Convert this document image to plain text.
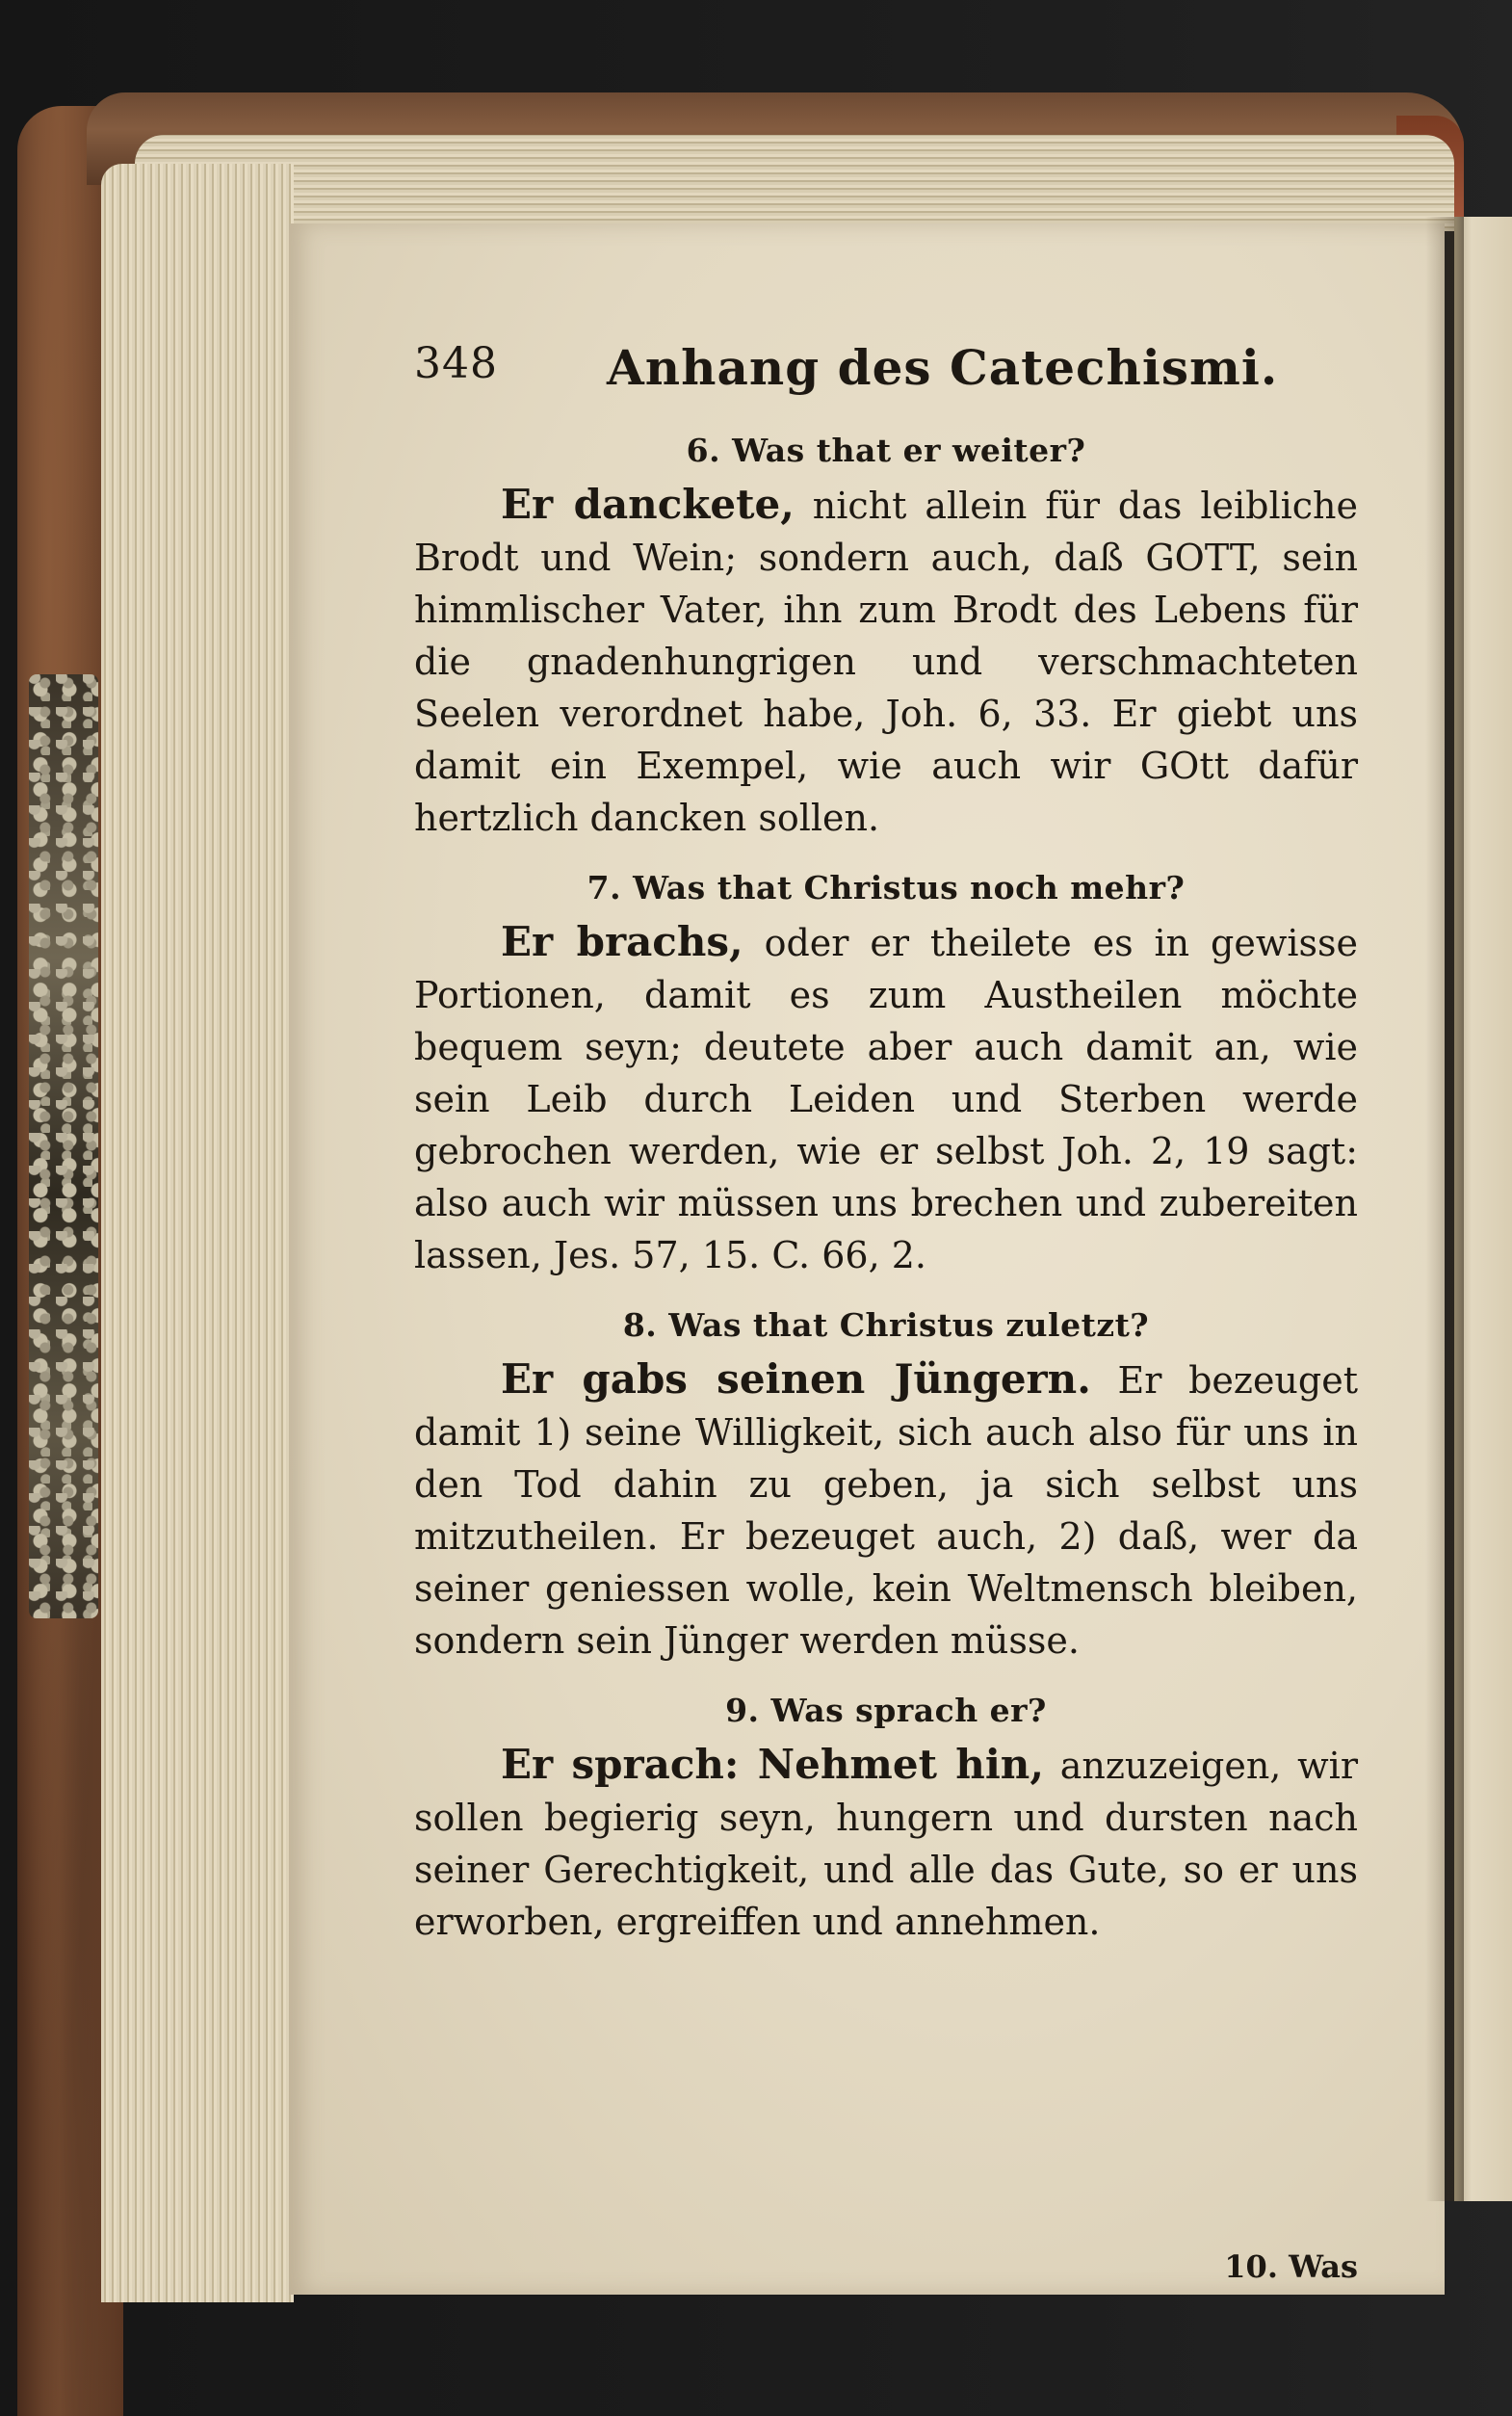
348 Anhang des Catechismi.
6. Was that er weiter?

Er danckete, nicht allein für das leibliche Brodt und Wein; sondern auch, daß GOTT, sein himmlischer Vater, ihn zum Brodt des Lebens für die gnadenhungrigen und verschmachteten Seelen verordnet habe, Joh. 6, 33. Er giebt uns damit ein Exempel, wie auch wir GOtt dafür hertzlich dancken sollen.

7. Was that Christus noch mehr?

Er brachs, oder er theilete es in gewisse Portionen, damit es zum Austheilen möchte bequem seyn; deutete aber auch damit an, wie sein Leib durch Leiden und Sterben werde gebrochen werden, wie er selbst Joh. 2, 19 sagt: also auch wir müssen uns brechen und zubereiten lassen, Jes. 57, 15. C. 66, 2.

8. Was that Christus zuletzt?

Er gabs seinen Jüngern. Er bezeuget damit 1) seine Willigkeit, sich auch also für uns in den Tod dahin zu geben, ja sich selbst uns mitzutheilen. Er bezeuget auch, 2) daß, wer da seiner geniessen wolle, kein Weltmensch bleiben, sondern sein Jünger werden müsse.

9. Was sprach er?

Er sprach: Nehmet hin, anzuzeigen, wir sollen begierig seyn, hungern und dursten nach seiner Gerechtigkeit, und alle das Gute, so er uns erworben, ergreiffen und annehmen.

10. Was
